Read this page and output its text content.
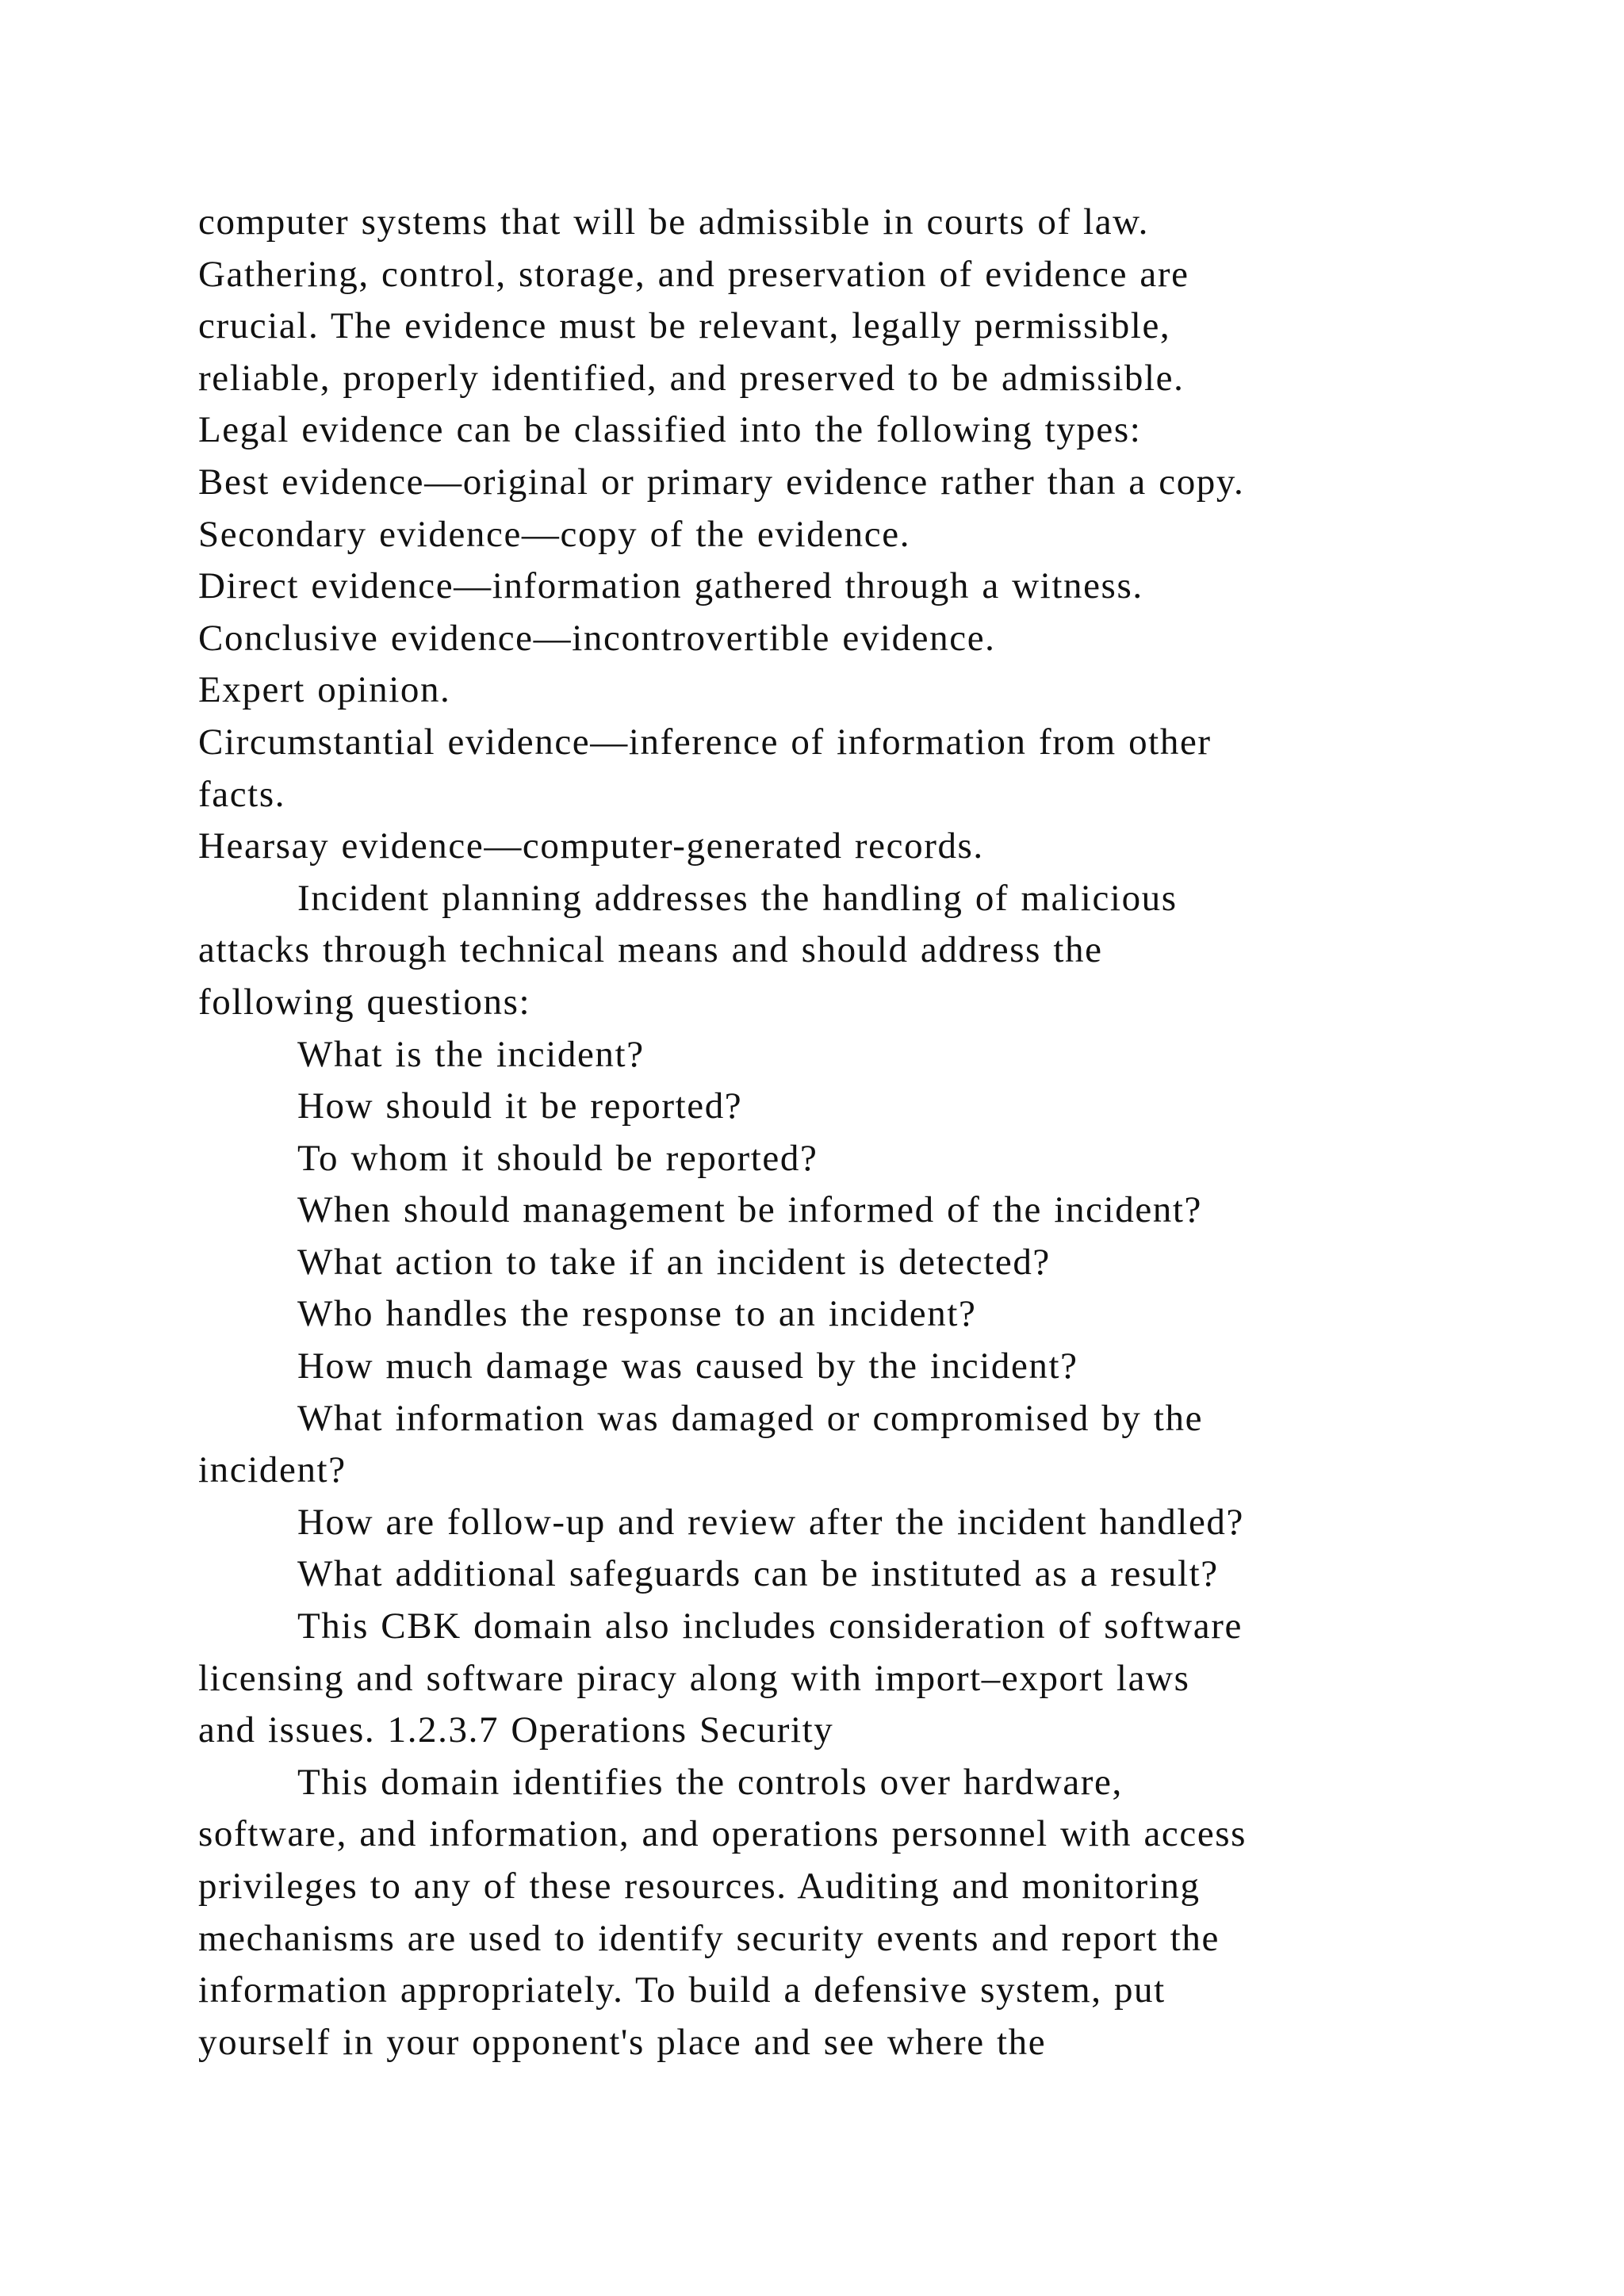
computer systems that will be admissible in courts of law.
Gathering, control, storage, and preservation of evidence are
crucial. The evidence must be relevant, legally permissible,
reliable, properly identified, and preserved to be admissible.
Legal evidence can be classified into the following types:
Best evidence—original or primary evidence rather than a copy.
Secondary evidence—copy of the evidence.
Direct evidence—information gathered through a witness.
Conclusive evidence—incontrovertible evidence.
Expert opinion.
Circumstantial evidence—inference of information from other
facts.
Hearsay evidence—computer-generated records.
Incident planning addresses the handling of malicious
attacks through technical means and should address the
following questions:
What is the incident?
How should it be reported?
To whom it should be reported?
When should management be informed of the incident?
What action to take if an incident is detected?
Who handles the response to an incident?
How much damage was caused by the incident?
What information was damaged or compromised by the
incident?
How are follow-up and review after the incident handled?
What additional safeguards can be instituted as a result?
This CBK domain also includes consideration of software
licensing and software piracy along with import–export laws
and issues. 1.2.3.7 Operations Security
This domain identifies the controls over hardware,
software, and information, and operations personnel with access
privileges to any of these resources. Auditing and monitoring
mechanisms are used to identify security events and report the
information appropriately. To build a defensive system, put
yourself in your opponent's place and see where the
